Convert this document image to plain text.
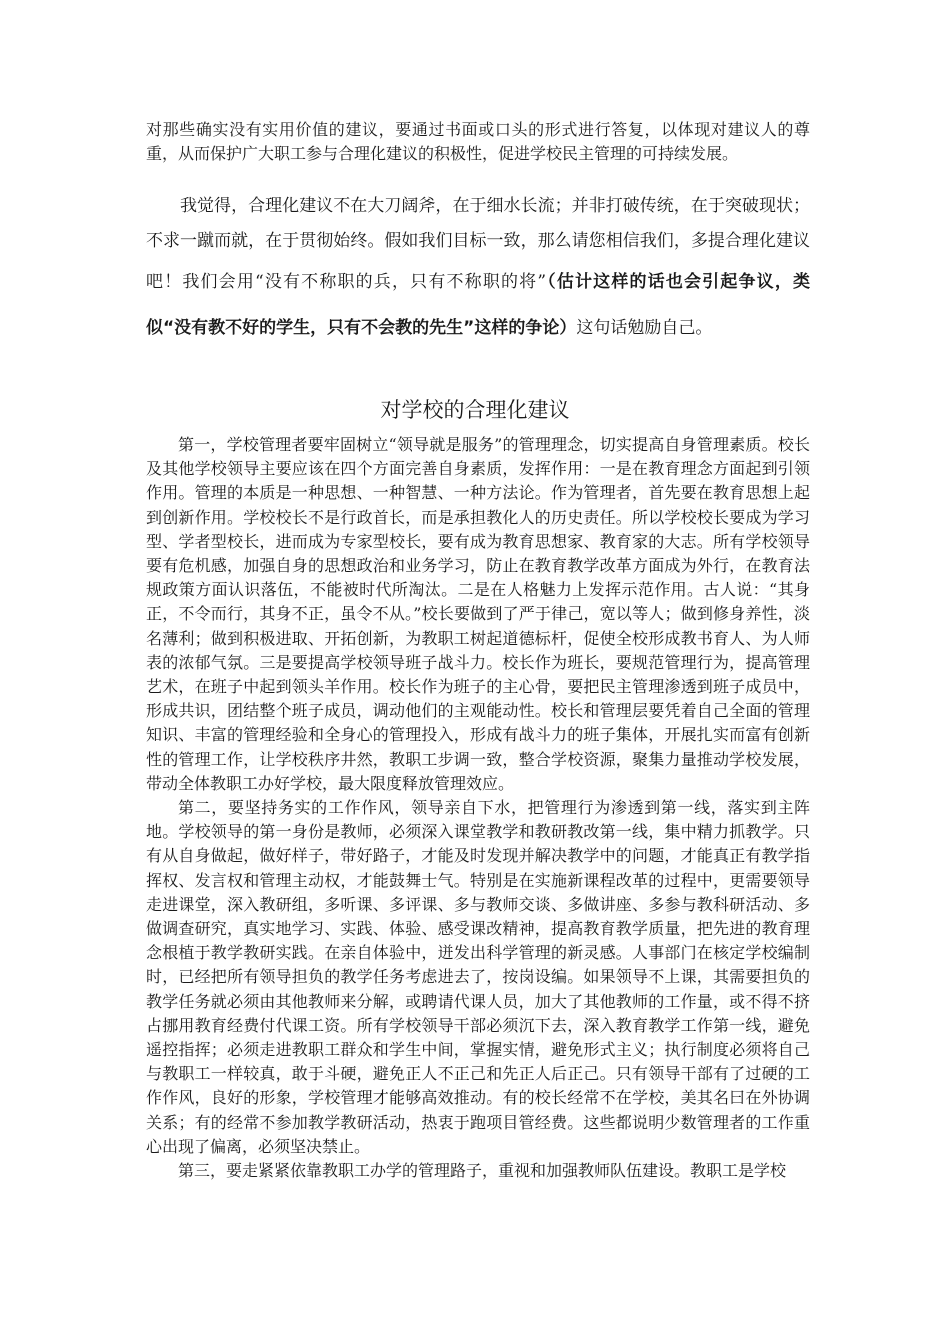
对那些确实没有实用价值的建议，要通过书面或口头的形式进行答复，以体现对建议人的尊重，从而保护广大职工参与合理化建议的积极性，促进学校民主管理的可持续发展。

我觉得，合理化建议不在大刀阔斧，在于细水长流；并非打破传统，在于突破现状；不求一蹴而就，在于贯彻始终。假如我们目标一致，那么请您相信我们，多提合理化建议吧！我们会用“没有不称职的兵，只有不称职的将”（估计这样的话也会引起争议，类似“没有教不好的学生，只有不会教的先生”这样的争论）这句话勉励自己。

对学校的合理化建议

第一，学校管理者要牢固树立“领导就是服务”的管理理念，切实提高自身管理素质。校长及其他学校领导主要应该在四个方面完善自身素质，发挥作用：一是在教育理念方面起到引领作用。管理的本质是一种思想、一种智慧、一种方法论。作为管理者，首先要在教育思想上起到创新作用。学校校长不是行政首长，而是承担教化人的历史责任。所以学校校长要成为学习型、学者型校长，进而成为专家型校长，要有成为教育思想家、教育家的大志。所有学校领导要有危机感，加强自身的思想政治和业务学习，防止在教育教学改革方面成为外行，在教育法规政策方面认识落伍，不能被时代所淘汰。二是在人格魅力上发挥示范作用。古人说：“其身正，不令而行，其身不正，虽令不从。”校长要做到了严于律己，宽以等人；做到修身养性，淡名薄利；做到积极进取、开拓创新，为教职工树起道德标杆，促使全校形成教书育人、为人师表的浓郁气氛。三是要提高学校领导班子战斗力。校长作为班长，要规范管理行为，提高管理艺术，在班子中起到领头羊作用。校长作为班子的主心骨，要把民主管理渗透到班子成员中，形成共识，团结整个班子成员，调动他们的主观能动性。校长和管理层要凭着自己全面的管理知识、丰富的管理经验和全身心的管理投入，形成有战斗力的班子集体，开展扎实而富有创新性的管理工作，让学校秩序井然，教职工步调一致，整合学校资源，聚集力量推动学校发展，带动全体教职工办好学校，最大限度释放管理效应。

第二，要坚持务实的工作作风，领导亲自下水，把管理行为渗透到第一线，落实到主阵地。学校领导的第一身份是教师，必须深入课堂教学和教研教改第一线，集中精力抓教学。只有从自身做起，做好样子，带好路子，才能及时发现并解决教学中的问题，才能真正有教学指挥权、发言权和管理主动权，才能鼓舞士气。特别是在实施新课程改革的过程中，更需要领导走进课堂，深入教研组，多听课、多评课、多与教师交谈、多做讲座、多参与教科研活动、多做调查研究，真实地学习、实践、体验、感受课改精神，提高教育教学质量，把先进的教育理念根植于教学教研实践。在亲自体验中，迸发出科学管理的新灵感。人事部门在核定学校编制时，已经把所有领导担负的教学任务考虑进去了，按岗设编。如果领导不上课，其需要担负的教学任务就必须由其他教师来分解，或聘请代课人员，加大了其他教师的工作量，或不得不挤占挪用教育经费付代课工资。所有学校领导干部必须沉下去，深入教育教学工作第一线，避免遥控指挥；必须走进教职工群众和学生中间，掌握实情，避免形式主义；执行制度必须将自己与教职工一样较真，敢于斗硬，避免正人不正己和先正人后正己。只有领导干部有了过硬的工作作风，良好的形象，学校管理才能够高效推动。有的校长经常不在学校，美其名曰在外协调关系；有的经常不参加教学教研活动，热衷于跑项目管经费。这些都说明少数管理者的工作重心出现了偏离，必须坚决禁止。

第三，要走紧紧依靠教职工办学的管理路子，重视和加强教师队伍建设。教职工是学校
